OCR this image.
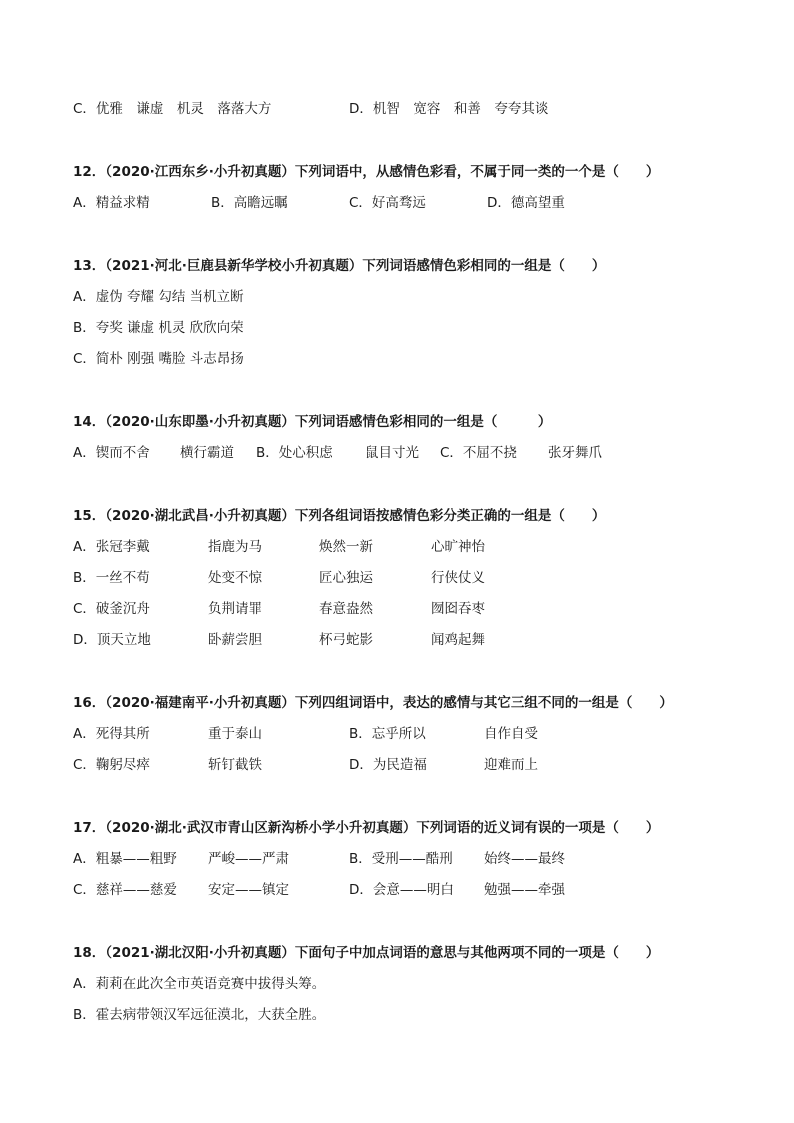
C．优雅　谦虚　机灵　落落大方	D．机智　宽容　和善　夸夸其谈
12．（2020·江西东乡·小升初真题）下列词语中，从感情色彩看，不属于同一类的一个是（　　）
A．精益求精	B．高瞻远瞩	C．好高骛远	D．德高望重
13．（2021·河北·巨鹿县新华学校小升初真题）下列词语感情色彩相同的一组是（　　）
A．虚伪 夸耀 勾结 当机立断
B．夸奖 谦虚 机灵 欣欣向荣
C．简朴 刚强 嘴脸 斗志昂扬
14．（2020·山东即墨·小升初真题）下列词语感情色彩相同的一组是（　　　）
A．锲而不舍 横行霸道 B．处心积虑 鼠目寸光 C．不屈不挠 张牙舞爪
15．（2020·湖北武昌·小升初真题）下列各组词语按感情色彩分类正确的一组是（　　）
A．张冠李戴	指鹿为马	焕然一新	心旷神怡
B．一丝不苟	处变不惊	匠心独运	行侠仗义
C．破釜沉舟	负荆请罪	春意盎然	囫囵吞枣
D．顶天立地	卧薪尝胆	杯弓蛇影	闻鸡起舞
16．（2020·福建南平·小升初真题）下列四组词语中，表达的感情与其它三组不同的一组是（　　）
A．死得其所	重于泰山	B．忘乎所以	自作自受
C．鞠躬尽瘁	斩钉截铁	D．为民造福	迎难而上
17．（2020·湖北·武汉市青山区新沟桥小学小升初真题）下列词语的近义词有误的一项是（　　）
A．粗暴——粗野 严峻——严肃	B．受刑——酷刑 始终——最终
C．慈祥——慈爱 安定——镇定	D．会意——明白 勉强——牵强
18．（2021·湖北汉阳·小升初真题）下面句子中加点词语的意思与其他两项不同的一项是（　　）
A．莉莉在此次全市英语竞赛中拔得头筹。
B．霍去病带领汉军远征漠北，大获全胜。
